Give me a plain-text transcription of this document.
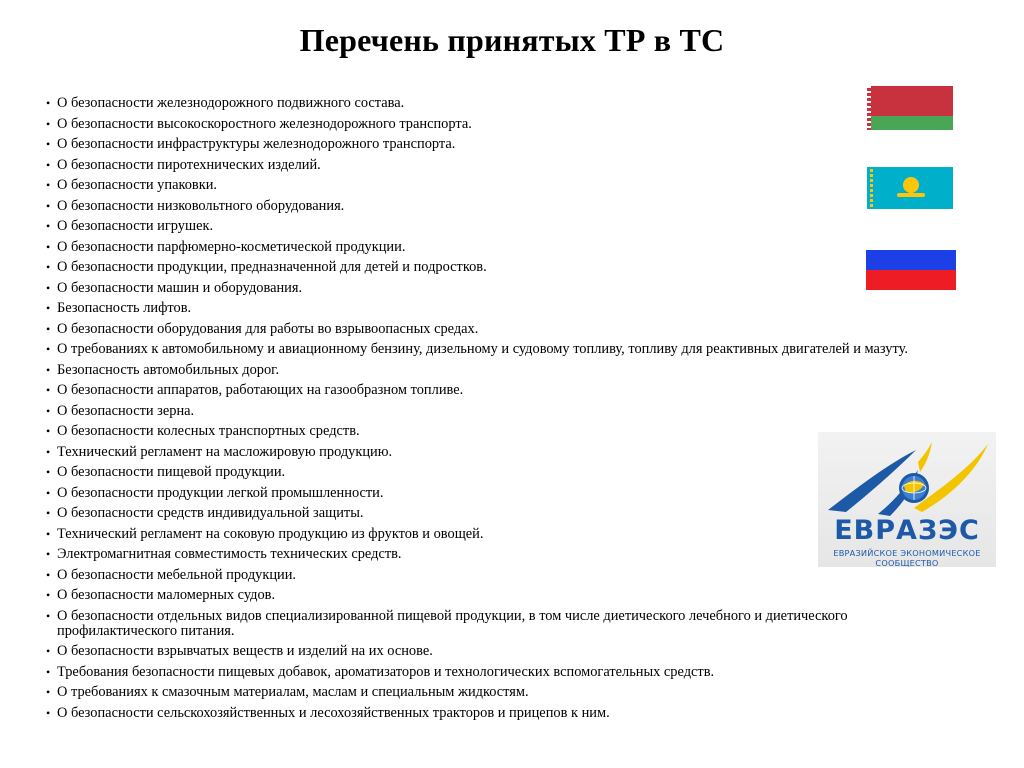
Перечень принятых ТР в ТС
• О безопасности железнодорожного подвижного состава.
• О безопасности высокоскоростного железнодорожного транспорта.
• О безопасности инфраструктуры железнодорожного транспорта.
• О безопасности пиротехнических изделий.
• О безопасности упаковки.
• О безопасности низковольтного оборудования.
• О безопасности игрушек.
• О безопасности парфюмерно-косметической продукции.
• О безопасности продукции, предназначенной для детей и подростков.
• О безопасности машин и оборудования.
• Безопасность лифтов.
• О безопасности оборудования для работы во взрывоопасных средах.
• О требованиях к автомобильному и авиационному бензину, дизельному и судовому топливу, топливу для реактивных двигателей и мазуту.
• Безопасность автомобильных дорог.
• О безопасности аппаратов, работающих на газообразном топливе.
• О безопасности зерна.
• О безопасности колесных транспортных средств.
• Технический регламент на масложировую продукцию.
• О безопасности пищевой продукции.
• О безопасности продукции легкой промышленности.
• О безопасности средств индивидуальной защиты.
• Технический регламент на соковую продукцию из фруктов и овощей.
• Электромагнитная совместимость технических средств.
• О безопасности мебельной продукции.
• О безопасности маломерных судов.
• О безопасности отдельных видов специализированной пищевой продукции, в том числе диетического лечебного и диетического профилактического питания.
• О безопасности взрывчатых веществ и изделий на их основе.
• Требования безопасности пищевых добавок, ароматизаторов и технологических вспомогательных средств.
• О требованиях к смазочным материалам, маслам и специальным жидкостям.
• О безопасности сельскохозяйственных и лесохозяйственных тракторов и прицепов к ним.
ЕВРАЗЭС
ЕВРАЗИЙСКОЕ ЭКОНОМИЧЕСКОЕ
СООБЩЕСТВО
